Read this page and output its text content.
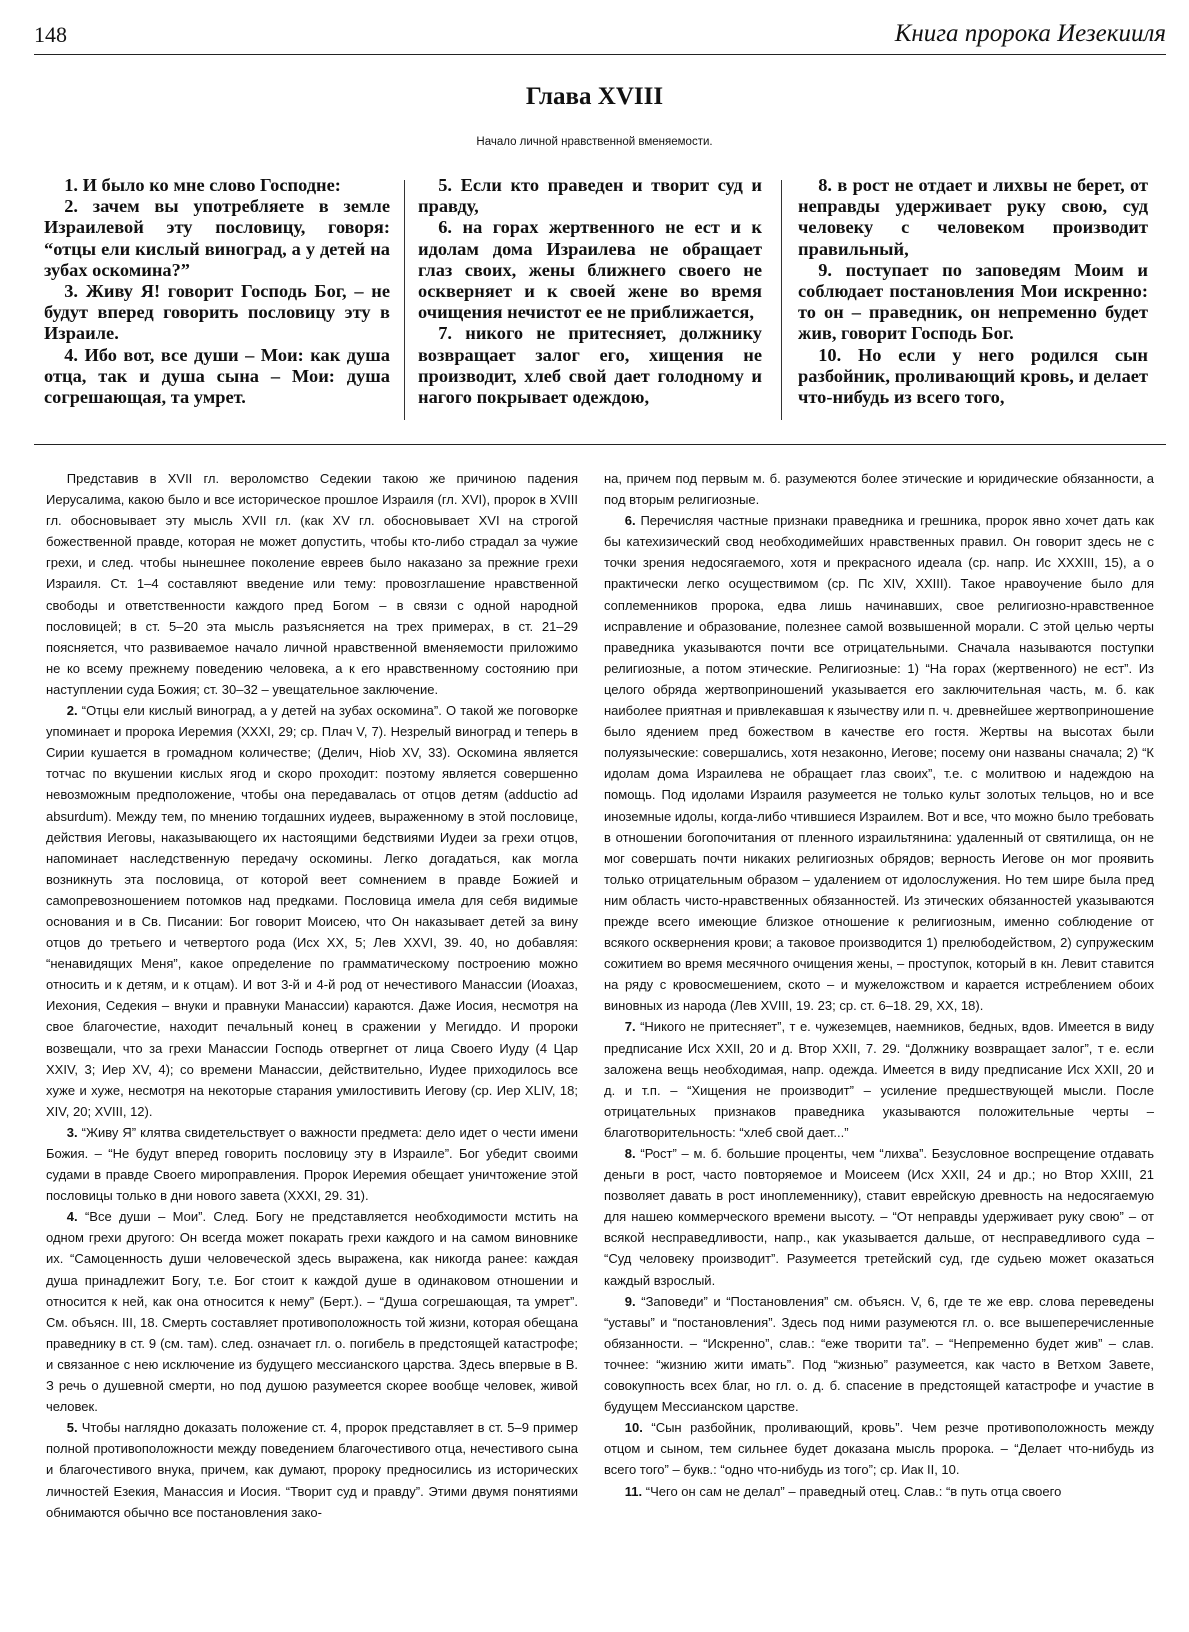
148	Книга пророка Иезекииля
Глава XVIII
Начало личной нравственной вменяемости.

1. И было ко мне слово Господне:

2. зачем вы употребляете в земле Израилевой эту пословицу, говоря: “отцы ели кислый виноград, а у детей на зубах оскомина?”

3. Живу Я! говорит Господь Бог, – не будут вперед говорить пословицу эту в Израиле.

4. Ибо вот, все души – Мои: как душа отца, так и душа сына – Мои: душа согрешающая, та умрет.

5. Если кто праведен и творит суд и правду,

6. на горах жертвенного не ест и к идолам дома Израилева не обращает глаз своих, жены ближнего своего не оскверняет и к своей жене во время очищения нечистот ее не приближается,

7. никого не притесняет, должнику возвращает залог его, хищения не производит, хлеб свой дает голодному и нагого покрывает одеждою,

8. в рост не отдает и лихвы не берет, от неправды удерживает руку свою, суд человеку с человеком производит правильный,

9. поступает по заповедям Моим и соблюдает постановления Мои искренно: то он – праведник, он непременно будет жив, говорит Господь Бог.

10. Но если у него родился сын разбойник, проливающий кровь, и делает что-нибудь из всего того,

Представив в XVII гл. вероломство Седекии такою же причиною падения Иерусалима, какою было и все историческое прошлое Израиля (гл. XVI), пророк в XVIII гл. обосновывает эту мысль XVII гл. (как XV гл. обосновывает XVI на строгой божественной правде, которая не может допустить, чтобы кто-либо страдал за чужие грехи, и след. чтобы нынешнее поколение евреев было наказано за прежние грехи Израиля. Ст. 1–4 составляют введение или тему: провозглашение нравственной свободы и ответственности каждого пред Богом – в связи с одной народной пословицей; в ст. 5–20 эта мысль разъясняется на трех примерах, в ст. 21–29 поясняется, что развиваемое начало личной нравственной вменяемости приложимо не ко всему прежнему поведению человека, а к его нравственному состоянию при наступлении суда Божия; ст. 30–32 – увещательное заключение.

2. “Отцы ели кислый виноград, а у детей на зубах оскомина”. О такой же поговорке упоминает и пророка Иеремия (XXXI, 29; ср. Плач V, 7). Незрелый виноград и теперь в Сирии кушается в громадном количестве; (Делич, Hiob XV, 33). Оскомина является тотчас по вкушении кислых ягод и скоро проходит: поэтому является совершенно невозможным предположение, чтобы она передавалась от отцов детям (adductio ad absurdum). Между тем, по мнению тогдашних иудеев, выраженному в этой пословице, действия Иеговы, наказывающего их настоящими бедствиями Иудеи за грехи отцов, напоминает наследственную передачу оскомины. Легко догадаться, как могла возникнуть эта пословица, от которой веет сомнением в правде Божией и самопревозношением потомков над предками. Пословица имела для себя видимые основания и в Св. Писании: Бог говорит Моисею, что Он наказывает детей за вину отцов до третьего и четвертого рода (Исх XX, 5; Лев XXVI, 39. 40, но добавляя: “ненавидящих Меня”, какое определение по грамматическому построению можно относить и к детям, и к отцам). И вот 3-й и 4-й род от нечестивого Манассии (Иоахаз, Иехония, Седекия – внуки и правнуки Манассии) караются. Даже Иосия, несмотря на свое благочестие, находит печальный конец в сражении у Мегиддо. И пророки возвещали, что за грехи Манассии Господь отвергнет от лица Своего Иуду (4 Цар XXIV, 3; Иер XV, 4); со времени Манассии, действительно, Иудее приходилось все хуже и хуже, несмотря на некоторые старания умилостивить Иегову (ср. Иер XLIV, 18; XIV, 20; XVIII, 12).

3. “Живу Я” клятва свидетельствует о важности предмета: дело идет о чести имени Божия. – “Не будут вперед говорить пословицу эту в Израиле”. Бог убедит своими судами в правде Своего мироправления. Пророк Иеремия обещает уничтожение этой пословицы только в дни нового завета (XXXI, 29. 31).

4. “Все души – Мои”. След. Богу не представляется необходимости мстить на одном грехи другого: Он всегда может покарать грехи каждого и на самом виновнике их. “Самоценность души человеческой здесь выражена, как никогда ранее: каждая душа принадлежит Богу, т.е. Бог стоит к каждой душе в одинаковом отношении и относится к ней, как она относится к нему” (Берт.). – “Душа согрешающая, та умрет”. См. объясн. III, 18. Смерть составляет противоположность той жизни, которая обещана праведнику в ст. 9 (см. там). след. означает гл. о. погибель в предстоящей катастрофе; и связанное с нею исключение из будущего мессианского царства. Здесь впервые в В. З речь о душевной смерти, но под душою разумеется скорее вообще человек, живой человек.

5. Чтобы наглядно доказать положение ст. 4, пророк представляет в ст. 5–9 пример полной противоположности между поведением благочестивого отца, нечестивого сына и благочестивого внука, причем, как думают, пророку предносились из исторических личностей Езекия, Манассия и Иосия. “Творит суд и правду”. Этими двумя понятиями обнимаются обычно все постановления зако-

на, причем под первым м. б. разумеются более этические и юридические обязанности, а под вторым религиозные.

6. Перечисляя частные признаки праведника и грешника, пророк явно хочет дать как бы катехизический свод необходимейших нравственных правил. Он говорит здесь не с точки зрения недосягаемого, хотя и прекрасного идеала (ср. напр. Ис XXXIII, 15), а о практически легко осуществимом (ср. Пс XIV, XXIII). Такое нравоучение было для соплеменников пророка, едва лишь начинавших, свое религиозно-нравственное исправление и образование, полезнее самой возвышенной морали. С этой целью черты праведника указываются почти все отрицательными. Сначала называются поступки религиозные, а потом этические. Религиозные: 1) “На горах (жертвенного) не ест”. Из целого обряда жертвоприношений указывается его заключительная часть, м. б. как наиболее приятная и привлекавшая к язычеству или п. ч. древнейшее жертвоприношение было ядением пред божеством в качестве его гостя. Жертвы на высотах были полуязыческие: совершались, хотя незаконно, Иегове; посему они названы сначала; 2) “К идолам дома Израилева не обращает глаз своих”, т.е. с молитвою и надеждою на помощь. Под идолами Израиля разумеется не только культ золотых тельцов, но и все иноземные идолы, когда-либо чтившиеся Израилем. Вот и все, что можно было требовать в отношении богопочитания от пленного израильтянина: удаленный от святилища, он не мог совершать почти никаких религиозных обрядов; верность Иегове он мог проявить только отрицательным образом – удалением от идолослужения. Но тем шире была пред ним область чисто-нравственных обязанностей. Из этических обязанностей указываются прежде всего имеющие близкое отношение к религиозным, именно соблюдение от всякого осквернения крови; а таковое производится 1) прелюбодейством, 2) супружеским сожитием во время месячного очищения жены, – проступок, который в кн. Левит ставится на ряду с кровосмешением, ското – и мужеложством и карается истреблением обоих виновных из народа (Лев XVIII, 19. 23; ср. ст. 6–18. 29, XX, 18).

7. “Никого не притесняет”, т е. чужеземцев, наемников, бедных, вдов. Имеется в виду предписание Исх XXII, 20 и д. Втор XXII, 7. 29. “Должнику возвращает залог”, т е. если заложена вещь необходимая, напр. одежда. Имеется в виду предписание Исх XXII, 20 и д. и т.п. – “Хищения не производит” – усиление предшествующей мысли. После отрицательных признаков праведника указываются положительные черты – благотворительность: “хлеб свой дает...”

8. “Рост” – м. б. большие проценты, чем “лихва”. Безусловное воспрещение отдавать деньги в рост, часто повторяемое и Моисеем (Исх XXII, 24 и др.; но Втор XXIII, 21 позволяет давать в рост иноплеменнику), ставит еврейскую древность на недосягаемую для нашею коммерческого времени высоту. – “От неправды удерживает руку свою” – от всякой несправедливости, напр., как указывается дальше, от несправедливого суда – “Суд человеку производит”. Разумеется третейский суд, где судьею может оказаться каждый взрослый.

9. “Заповеди” и “Постановления” см. объясн. V, 6, где те же евр. слова переведены “уставы” и “постановления”. Здесь под ними разумеются гл. о. все вышеперечисленные обязанности. – “Искренно”, слав.: “еже творити та”. – “Непременно будет жив” – слав. точнее: “жизнию жити имать”. Под “жизнью” разумеется, как часто в Ветхом Завете, совокупность всех благ, но гл. о. д. б. спасение в предстоящей катастрофе и участие в будущем Мессианском царстве.

10. “Сын разбойник, проливающий, кровь”. Чем резче противоположность между отцом и сыном, тем сильнее будет доказана мысль пророка. – “Делает что-нибудь из всего того” – букв.: “одно что-нибудь из того”; ср. Иак II, 10.

11. “Чего он сам не делал” – праведный отец. Слав.: “в путь отца своего
